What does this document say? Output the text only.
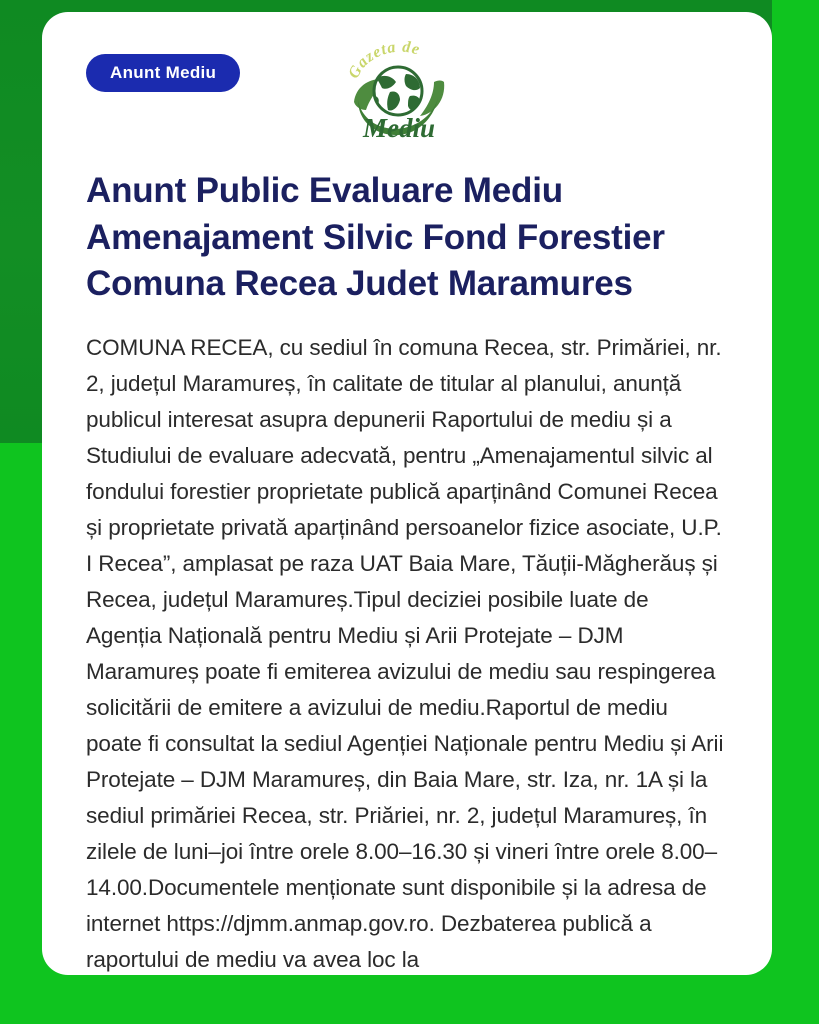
Anunt Mediu	Gazeta de
Mediu
Anunt Public Evaluare Mediu Amenajament Silvic Fond Forestier Comuna Recea Judet Maramures
COMUNA RECEA, cu sediul în comuna Recea, str. Primăriei, nr. 2, județul Maramureș, în calitate de titular al planului, anunță publicul interesat asupra depunerii Raportului de mediu și a Studiului de evaluare adecvată, pentru „Amenajamentul silvic al fondului forestier proprietate publică aparținând Comunei Recea și proprietate privată aparținând persoanelor fizice asociate, U.P. I Recea”, amplasat pe raza UAT Baia Mare, Tăuții-Măgherăuș și Recea, județul Maramureș.Tipul deciziei posibile luate de Agenția Națională pentru Mediu și Arii Protejate – DJM Maramureș poate fi emiterea avizului de mediu sau respingerea solicitării de emitere a avizului de mediu.Raportul de mediu poate fi consultat la sediul Agenției Naționale pentru Mediu și Arii Protejate – DJM Maramureș, din Baia Mare, str. Iza, nr. 1A și la sediul primăriei Recea, str. Priăriei, nr. 2, județul Maramureș, în zilele de luni–joi între orele 8.00–16.30 și vineri între orele 8.00–14.00.Documentele menționate sunt disponibile și la adresa de internet https://djmm.anmap.gov.ro. Dezbaterea publică a raportului de mediu va avea loc la
